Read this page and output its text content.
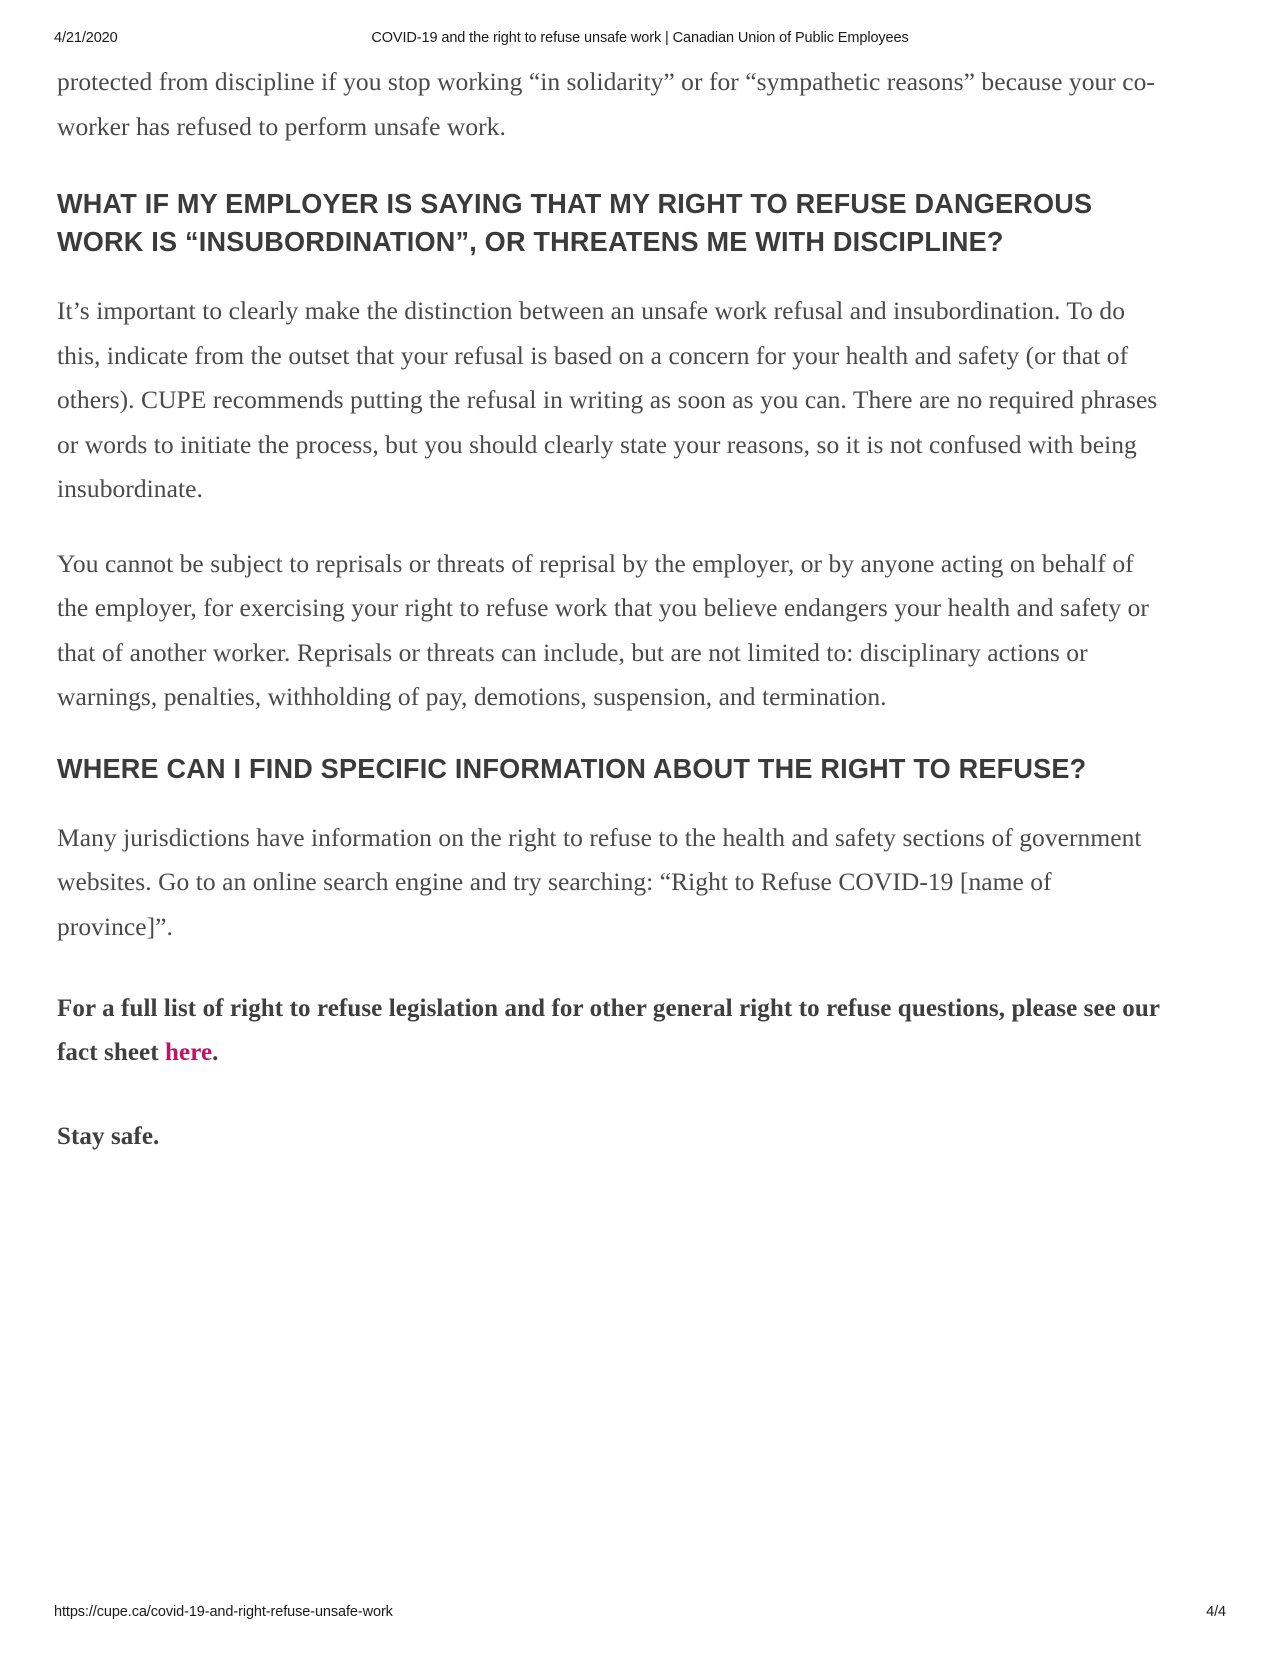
4/21/2020	COVID-19 and the right to refuse unsafe work | Canadian Union of Public Employees

protected from discipline if you stop working “in solidarity” or for “sympathetic reasons” because your co-worker has refused to perform unsafe work.

WHAT IF MY EMPLOYER IS SAYING THAT MY RIGHT TO REFUSE DANGEROUS WORK IS “INSUBORDINATION”, OR THREATENS ME WITH DISCIPLINE?

It’s important to clearly make the distinction between an unsafe work refusal and insubordination. To do this, indicate from the outset that your refusal is based on a concern for your health and safety (or that of others). CUPE recommends putting the refusal in writing as soon as you can. There are no required phrases or words to initiate the process, but you should clearly state your reasons, so it is not confused with being insubordinate.

You cannot be subject to reprisals or threats of reprisal by the employer, or by anyone acting on behalf of the employer, for exercising your right to refuse work that you believe endangers your health and safety or that of another worker. Reprisals or threats can include, but are not limited to: disciplinary actions or warnings, penalties, withholding of pay, demotions, suspension, and termination.

WHERE CAN I FIND SPECIFIC INFORMATION ABOUT THE RIGHT TO REFUSE?

Many jurisdictions have information on the right to refuse to the health and safety sections of government websites. Go to an online search engine and try searching: “Right to Refuse COVID-19 [name of province]”.

For a full list of right to refuse legislation and for other general right to refuse questions, please see our fact sheet here.

Stay safe.

https://cupe.ca/covid-19-and-right-refuse-unsafe-work	4/4
